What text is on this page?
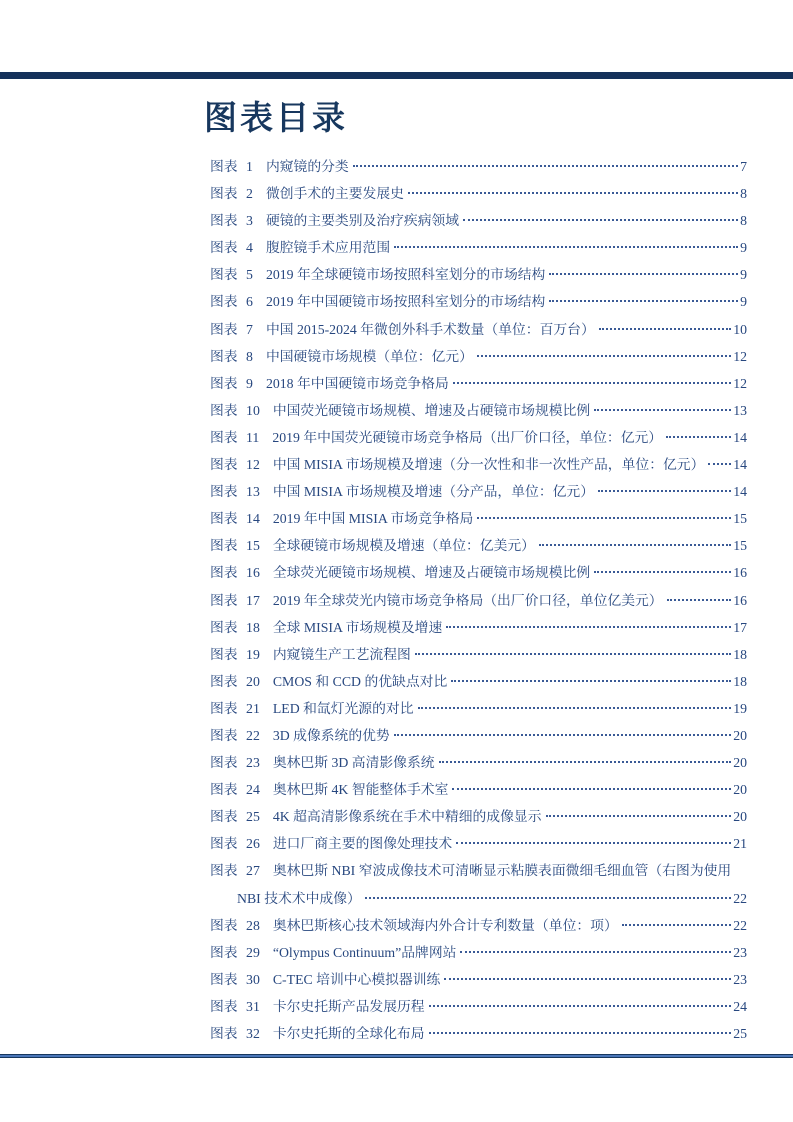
图表目录
图表 1 内窥镜的分类	7
图表 2 微创手术的主要发展史	8
图表 3 硬镜的主要类别及治疗疾病领域	8
图表 4 腹腔镜手术应用范围	9
图表 5 2019 年全球硬镜市场按照科室划分的市场结构	9
图表 6 2019 年中国硬镜市场按照科室划分的市场结构	9
图表 7 中国 2015-2024 年微创外科手术数量（单位：百万台）	10
图表 8 中国硬镜市场规模（单位：亿元）	12
图表 9 2018 年中国硬镜市场竞争格局	12
图表 10 中国荧光硬镜市场规模、增速及占硬镜市场规模比例	13
图表 11 2019 年中国荧光硬镜市场竞争格局（出厂价口径，单位：亿元）	14
图表 12 中国 MISIA 市场规模及增速（分一次性和非一次性产品，单位：亿元） 14
图表 13 中国 MISIA 市场规模及增速（分产品，单位：亿元）	14
图表 14 2019 年中国 MISIA 市场竞争格局	15
图表 15 全球硬镜市场规模及增速（单位：亿美元）	15
图表 16 全球荧光硬镜市场规模、增速及占硬镜市场规模比例	16
图表 17 2019 年全球荧光内镜市场竞争格局（出厂价口径，单位亿美元）	16
图表 18 全球 MISIA 市场规模及增速	17
图表 19 内窥镜生产工艺流程图	18
图表 20 CMOS 和 CCD 的优缺点对比	18
图表 21 LED 和氙灯光源的对比	19
图表 22 3D 成像系统的优势	20
图表 23 奥林巴斯 3D 高清影像系统	20
图表 24 奥林巴斯 4K 智能整体手术室	20
图表 25 4K 超高清影像系统在手术中精细的成像显示	20
图表 26 进口厂商主要的图像处理技术	21
图表 27 奥林巴斯 NBI 窄波成像技术可清晰显示粘膜表面微细毛细血管（右图为使用
NBI 技术术中成像）	22
图表 28 奥林巴斯核心技术领域海内外合计专利数量（单位：项）	22
图表 29 “Olympus Continuum”品牌网站	23
图表 30 C-TEC 培训中心模拟器训练	23
图表 31 卡尔史托斯产品发展历程	24
图表 32 卡尔史托斯的全球化布局	25
